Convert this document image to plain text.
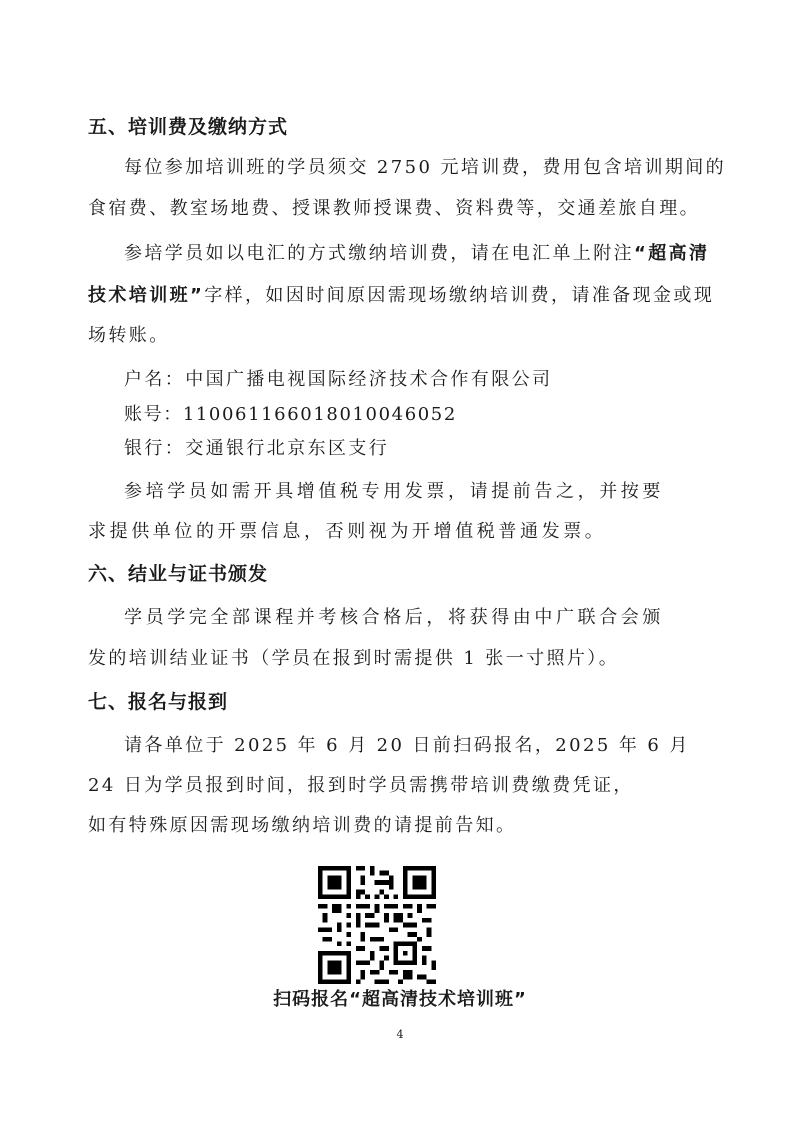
五、培训费及缴纳方式
每位参加培训班的学员须交 2750 元培训费，费用包含培训期间的
食宿费、教室场地费、授课教师授课费、资料费等，交通差旅自理。
参培学员如以电汇的方式缴纳培训费，请在电汇单上附注“超高清
技术培训班”字样，如因时间原因需现场缴纳培训费，请准备现金或现
场转账。
户名：中国广播电视国际经济技术合作有限公司
账号：110061166018010046052
银行：交通银行北京东区支行
参培学员如需开具增值税专用发票，请提前告之，并按要
求提供单位的开票信息，否则视为开增值税普通发票。
六、结业与证书颁发
学员学完全部课程并考核合格后，将获得由中广联合会颁
发的培训结业证书（学员在报到时需提供 1 张一寸照片）。
七、报名与报到
请各单位于 2025 年 6 月 20 日前扫码报名，2025 年 6 月
24 日为学员报到时间，报到时学员需携带培训费缴费凭证，
如有特殊原因需现场缴纳培训费的请提前告知。
扫码报名“超高清技术培训班”
4
